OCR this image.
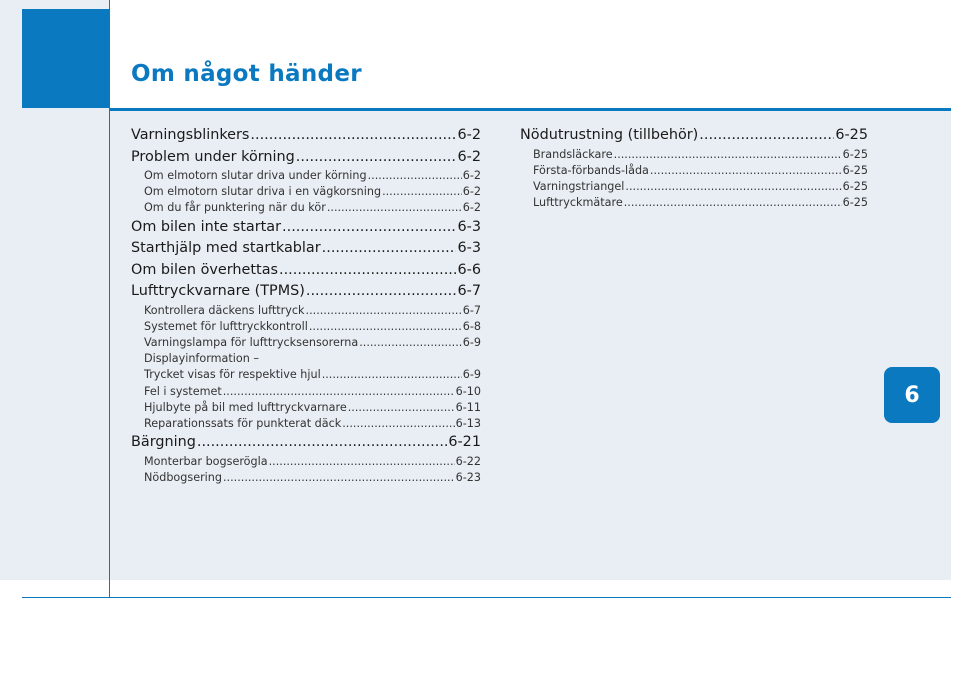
Om något händer
6
Varningsblinkers .....	6-2
Problem under körning .....	6-2
Om elmotorn slutar driva under körning .....	6-2
Om elmotorn slutar driva i en vägkorsning .....	6-2
Om du får punktering när du kör .....	6-2
Om bilen inte startar .....	6-3
Starthjälp med startkablar .....	6-3
Om bilen överhettas .....	6-6
Lufttryckvarnare (TPMS) .....	6-7
Kontrollera däckens lufttryck .....	6-7
Systemet för lufttryckkontroll .....	6-8
Varningslampa för lufttrycksensorerna .....	6-9
Displayinformation –
Trycket visas för respektive hjul .....	6-9
Fel i systemet .....	6-10
Hjulbyte på bil med lufttryckvarnare .....	6-11
Reparationssats för punkterat däck .....	6-13
Bärgning .....	6-21
Monterbar bogserögla .....	6-22
Nödbogsering .....	6-23
Nödutrustning (tillbehör) .....	6-25
Brandsläckare .....	6-25
Första-förbands-låda .....	6-25
Varningstriangel .....	6-25
Lufttryckmätare .....	6-25
